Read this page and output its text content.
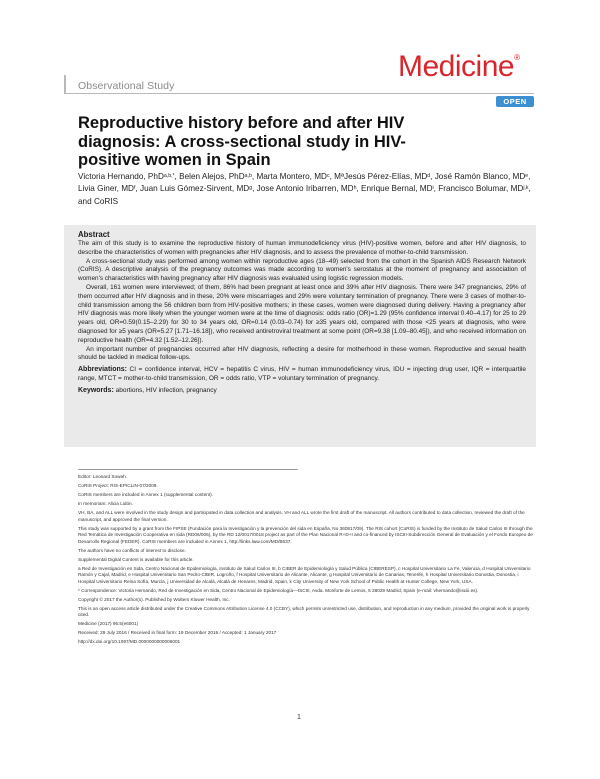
Observational Study
Medicine®
OPEN
Reproductive history before and after HIV diagnosis: A cross-sectional study in HIV-positive women in Spain
Victoria Hernando, PhD$^{a,b,*}$, Belen Alejos, PhD$^{a,b}$, Marta Montero, $MD^c$, MªJesús Pérez-Elías, $MD^d$, José Ramón Blanco, MDe, Livia Giner, $MD^f$, Juan Luis Gómez-Sirvent, $MD^g$, Jose Antonio Iribarren, $MD^h$, Enrique Bernal, $MD^i$, Francisco Bolumar, MD$^{j,k}$, and CoRIS
Abstract

The aim of this study is to examine the reproductive history of human immunodeficiency virus (HIV)-positive women, before and after HIV diagnosis, to describe the characteristics of women with pregnancies after HIV diagnosis, and to assess the prevalence of mother-to-child transmission.

A cross-sectional study was performed among women within reproductive ages (18–49) selected from the cohort in the Spanish AIDS Research Network (CoRIS). A descriptive analysis of the pregnancy outcomes was made according to women's serostatus at the moment of pregnancy and association of women's characteristics with having pregnancy after HIV diagnosis was evaluated using logistic regression models.

Overall, 161 women were interviewed; of them, 86% had been pregnant at least once and 39% after HIV diagnosis. There were 347 pregnancies, 29% of them occurred after HIV diagnosis and in these, 20% were miscarriages and 29% were voluntary termination of pregnancy. There were 3 cases of mother-to-child transmission among the 56 children born from HIV-positive mothers; in these cases, women were diagnosed during delivery. Having a pregnancy after HIV diagnosis was more likely when the younger women were at the time of diagnosis: odds ratio (OR)=1.29 (95% confidence interval 0.40–4.17) for 25 to 29 years old, OR=0.59(0.15–2.29) for 30 to 34 years old, OR=0.14 (0.03–0.74) for ≥35 years old, compared with those <25 years at diagnosis, who were diagnosed for ≥5 years (OR=5.27 [1.71–16.18]), who received antiretroviral treatment at some point (OR=9.38 [1.09–80.45]), and who received information on reproductive health (OR=4.32 [1.52–12.26]).

An important number of pregnancies occurred after HIV diagnosis, reflecting a desire for motherhood in these women. Reproductive and sexual health should be tackled in medical follow-ups.

Abbreviations: CI = confidence interval, HCV = hepatitis C virus, HIV = human immunodeficiency virus, IDU = injecting drug user, IQR = interquartile range, MTCT = mother-to-child transmission, OR = odds ratio, VTP = voluntary termination of pregnancy.

Keywords: abortions, HIV infection, pregnancy

Editor: Leonard Sowah.

CoRIS Project: RIS-EPICLIN-07/2009.

CoRIS members are included in Annex 1 (supplemental content).

In memoriam: Alicia Lidón.

VH, BA, and ALL were involved in the study design and participated in data collection and analysis. VH and ALL wrote the first draft of the manuscript. All authors contributed to data collection, reviewed the draft of the manuscript, and approved the final version.

This study was supported by a grant from the FIPSE (Fundación para la Investigación y la prevención del sida en España, No 360817/09). The RIS cohort (CoRIS) is funded by the Instituto de Salud Carlos III through the Red Temática de Investigación Cooperativa en sida (RD06/006), by the RD 12/0017/0018 project as part of the Plan Nacional R+D+I and co-financed by ISCIII-Subdirección General de Evaluación y el Fondo Europeo de Desarrollo Regional (FEDER). CoRIS members are included in Annex 1, http://links.lww.com/MD/B537.

The authors have no conflicts of interest to disclose.

Supplemental Digital Content is available for this article.

a Red de Investigación en Sida, Centro Nacional de Epidemiología, Instituto de Salud Carlos III, b CIBER de Epidemiología y Salud Pública (CIBERESP), c Hospital Universitario La Fe, Valencia, d Hospital Universitario Ramón y Cajal, Madrid, e Hospital Universitario San Pedro-CIBIR, Logroño, f Hospital Universitario de Alicante, Alicante, g Hospital Universitario de Canarias, Tenerife, h Hospital Universitario Donostia, Donostia, i Hospital Universitario Reina Sofía, Murcia, j Universidad de Alcalá, Alcalá de Henares, Madrid, Spain, k City University of New York School of Public Health at Hunter College, New York, USA.

* Correspondence: Victoria Hernando, Red de Investigación en Sida, Centro Nacional de Epidemiología—ISCIII, Avda. Monforte de Lemos, 5 28029 Madrid, Spain (e-mail: vhernando@isciii.es).

Copyright © 2017 the Author(s). Published by Wolters Kluwer Health, Inc.

This is an open access article distributed under the Creative Commons Attribution License 4.0 (CCBY), which permits unrestricted use, distribution, and reproduction in any medium, provided the original work is properly cited.

Medicine (2017) 96:5(e6001)

Received: 29 July 2016 / Received in final form: 19 December 2016 / Accepted: 1 January 2017

http://dx.doi.org/10.1097/MD.0000000000006001

1
